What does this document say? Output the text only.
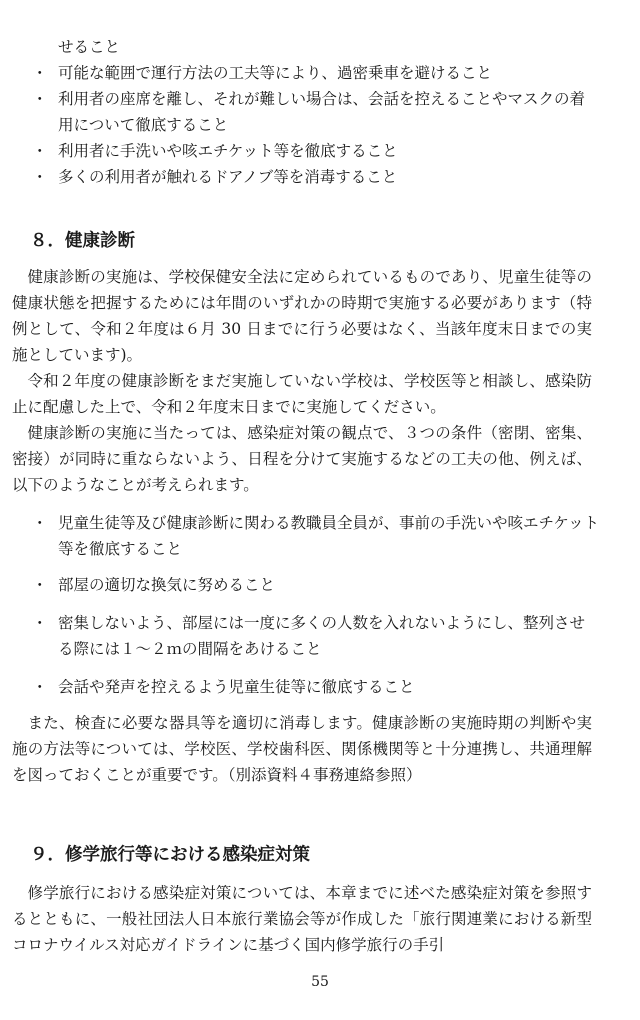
せること
・ 可能な範囲で運行方法の工夫等により、過密乗車を避けること
・ 利用者の座席を離し、それが難しい場合は、会話を控えることやマスクの着用について徹底すること
・ 利用者に手洗いや咳エチケット等を徹底すること
・ 多くの利用者が触れるドアノブ等を消毒すること
８．健康診断

健康診断の実施は、学校保健安全法に定められているものであり、児童生徒等の健康状態を把握するためには年間のいずれかの時期で実施する必要があります（特例として、令和２年度は６月 30 日までに行う必要はなく、当該年度末日までの実施としています)。

令和２年度の健康診断をまだ実施していない学校は、学校医等と相談し、感染防止に配慮した上で、令和２年度末日までに実施してください。

健康診断の実施に当たっては、感染症対策の観点で、３つの条件（密閉、密集、密接）が同時に重ならないよう、日程を分けて実施するなどの工夫の他、例えば、以下のようなことが考えられます。

・ 児童生徒等及び健康診断に関わる教職員全員が、事前の手洗いや咳エチケット等を徹底すること
・ 部屋の適切な換気に努めること
・ 密集しないよう、部屋には一度に多くの人数を入れないようにし、整列させる際には１～２ｍの間隔をあけること
・ 会話や発声を控えるよう児童生徒等に徹底すること

また、検査に必要な器具等を適切に消毒します。健康診断の実施時期の判断や実施の方法等については、学校医、学校歯科医、関係機関等と十分連携し、共通理解を図っておくことが重要です。（別添資料４事務連絡参照）

９．修学旅行等における感染症対策

修学旅行における感染症対策については、本章までに述べた感染症対策を参照するとともに、一般社団法人日本旅行業協会等が作成した「旅行関連業における新型コロナウイルス対応ガイドラインに基づく国内修学旅行の手引

55
